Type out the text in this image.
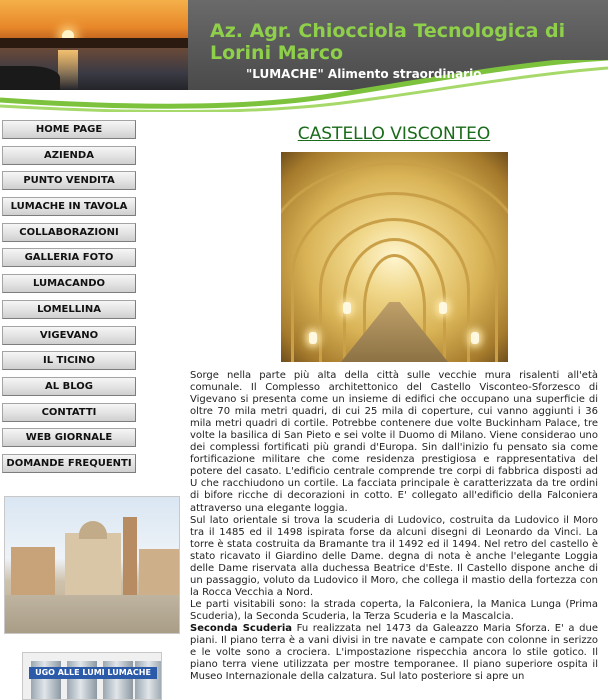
Az. Agr. Chiocciola Tecnologica di Lorini Marco
"LUMACHE" Alimento straordinario...
HOME PAGE
AZIENDA
PUNTO VENDITA
LUMACHE IN TAVOLA
COLLABORAZIONI
GALLERIA FOTO
LUMACANDO
LOMELLINA
VIGEVANO
IL TICINO
AL BLOG
CONTATTI
WEB GIORNALE
DOMANDE FREQUENTI
UGO ALLE LUMI LUMACHE
CASTELLO VISCONTEO

Sorge nella parte più alta della città sulle vecchie mura risalenti all'età comunale. Il Complesso architettonico del Castello Visconteo-Sforzesco di Vigevano si presenta come un insieme di edifici che occupano una superficie di oltre 70 mila metri quadri, di cui 25 mila di coperture, cui vanno aggiunti i 36 mila metri quadri di cortile. Potrebbe contenere due volte Buckinham Palace, tre volte la basilica di San Pieto e sei volte il Duomo di Milano. Viene considerao uno dei complessi fortificati più grandi d'Europa. Sin dall'inizio fu pensato sia come fortificazione militare che come residenza prestigiosa e rappresentativa del potere del casato. L'edificio centrale comprende tre corpi di fabbrica disposti ad U che racchiudono un cortile. La facciata principale è caratterizzata da tre ordini di bifore ricche di decorazioni in cotto. E' collegato all'edificio della Falconiera attraverso una elegante loggia.

Sul lato orientale si trova la scuderia di Ludovico, costruita da Ludovico il Moro tra il 1485 ed il 1498 ispirata forse da alcuni disegni di Leonardo da Vinci. La torre è stata costruita da Bramante tra il 1492 ed il 1494. Nel retro del castello è stato ricavato il Giardino delle Dame. degna di nota è anche l'elegante Loggia delle Dame riservata alla duchessa Beatrice d'Este. Il Castello dispone anche di un passaggio, voluto da Ludovico il Moro, che collega il mastio della fortezza con la Rocca Vecchia a Nord.

Le parti visitabili sono: la strada coperta, la Falconiera, la Manica Lunga (Prima Scuderia), la Seconda Scuderia, la Terza Scuderia e la Mascalcia.

Seconda Scuderia Fu realizzata nel 1473 da Galeazzo Maria Sforza. E' a due piani. Il piano terra è a vani divisi in tre navate e campate con colonne in serizzo e le volte sono a crociera. L'impostazione rispecchia ancora lo stile gotico. Il piano terra viene utilizzata per mostre temporanee. Il piano superiore ospita il Museo Internazionale della calzatura. Sul lato posteriore si apre un
